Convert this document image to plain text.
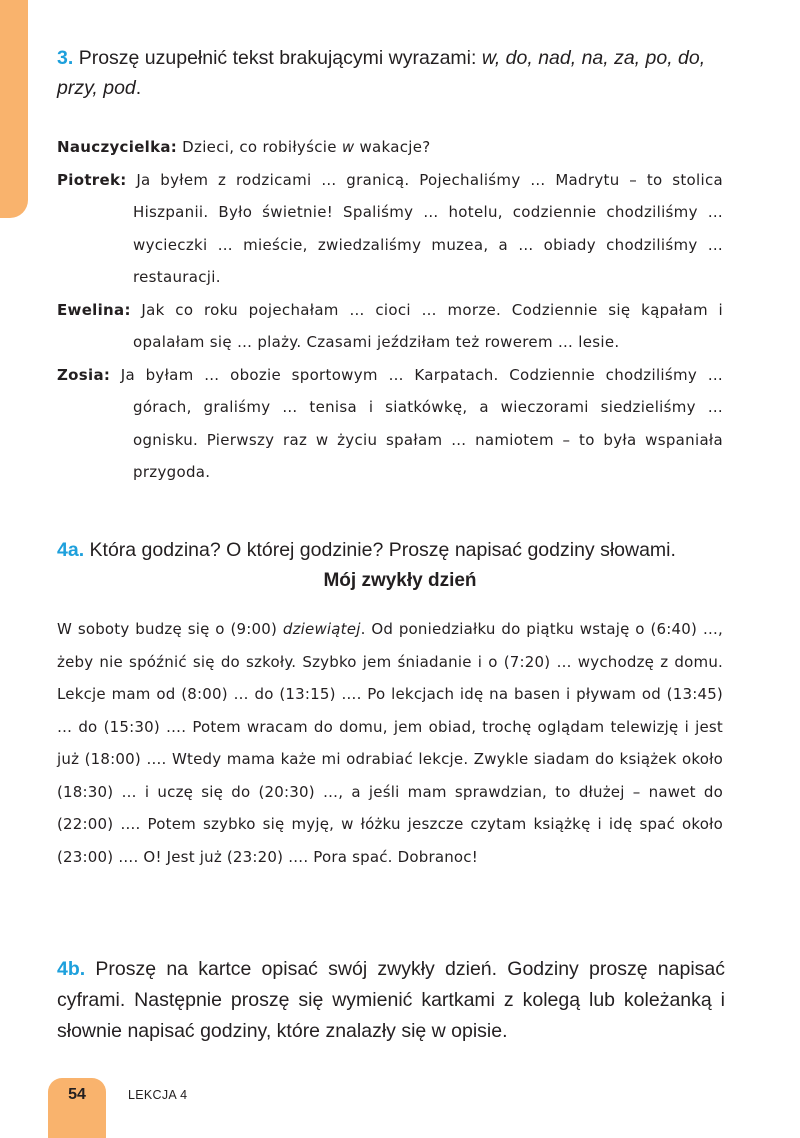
3. Proszę uzupełnić tekst brakującymi wyrazami: w, do, nad, na, za, po, do, przy, pod.
Nauczycielka: Dzieci, co robiłyście w wakacje?
Piotrek: Ja byłem z rodzicami … granicą. Pojechaliśmy … Madrytu – to stolica Hiszpanii. Było świetnie! Spaliśmy … hotelu, codziennie chodziliśmy … wycieczki … mieście, zwiedzaliśmy muzea, a … obiady chodziliśmy … restauracji.
Ewelina: Jak co roku pojechałam … cioci … morze. Codziennie się kąpałam i opalałam się … plaży. Czasami jeździłam też rowerem … lesie.
Zosia: Ja byłam … obozie sportowym … Karpatach. Codziennie chodziliśmy … górach, graliśmy … tenisa i siatkówkę, a wieczorami siedzieliśmy … ognisku. Pierwszy raz w życiu spałam … namiotem – to była wspaniała przygoda.
4a. Która godzina? O której godzinie? Proszę napisać godziny słowami.
Mój zwykły dzień
W soboty budzę się o (9:00) dziewiątej. Od poniedziałku do piątku wstaję o (6:40) …, żeby nie spóźnić się do szkoły. Szybko jem śniadanie i o (7:20) … wychodzę z domu. Lekcje mam od (8:00) … do (13:15) …. Po lekcjach idę na basen i pływam od (13:45) … do (15:30) …. Potem wracam do domu, jem obiad, trochę oglądam telewizję i jest już (18:00) …. Wtedy mama każe mi odrabiać lekcje. Zwykle siadam do książek około (18:30) … i uczę się do (20:30) …, a jeśli mam sprawdzian, to dłużej – nawet do (22:00) …. Potem szybko się myję, w łóżku jeszcze czytam książkę i idę spać około (23:00) …. O! Jest już (23:20) …. Pora spać. Dobranoc!
4b. Proszę na kartce opisać swój zwykły dzień. Godziny proszę napisać cyframi. Następnie proszę się wymienić kartkami z kolegą lub koleżanką i słownie napisać godziny, które znalazły się w opisie.
54	LEKCJA 4
